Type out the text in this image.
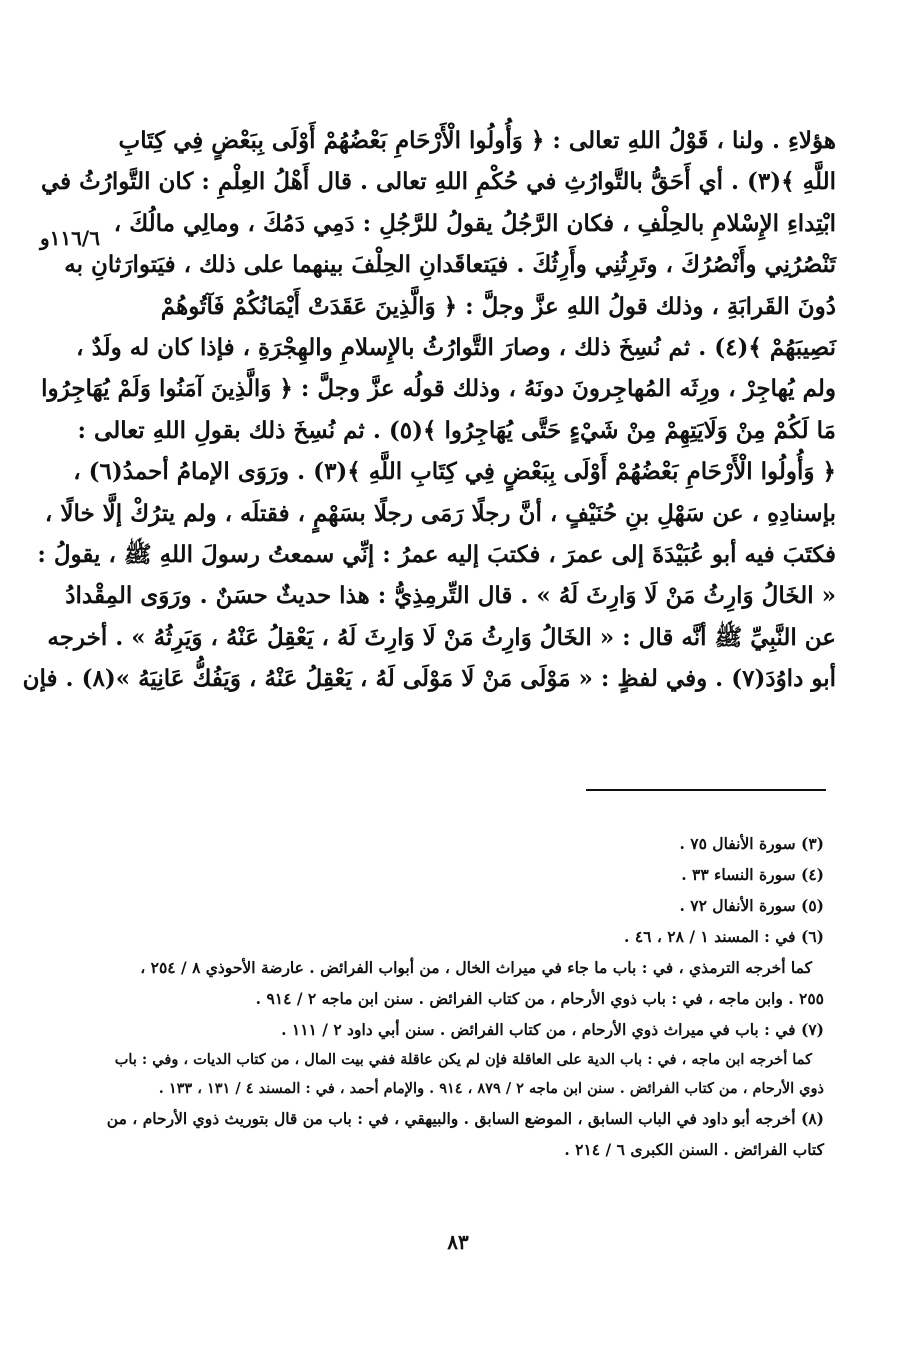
هؤلاءِ . ولنا ، قَوْلُ اللهِ تعالى : ﴿ وَأُولُوا الْأَرْحَامِ بَعْضُهُمْ أَوْلَى بِبَعْضٍ فِي كِتَابِ
اللَّهِ ﴾(٣) . أي أَحَقُّ بالتَّوارُثِ في حُكْمِ اللهِ تعالى . قال أَهْلُ العِلْمِ : كان التَّوارُثُ في
ابْتِداءِ الإِسْلامِ بالحِلْفِ ، فكان الرَّجُلُ يقولُ للرَّجُلِ : دَمِي دَمُكَ ، ومالِي مالُكَ ،
تَنْصُرُنِي وأَنْصُرُكَ ، وتَرِثُنِي وأَرِثُكَ . فيَتعاقَدانِ الحِلْفَ بينهما على ذلك ، فيَتوارَثانِ به
دُونَ القَرابَةِ ، وذلك قولُ اللهِ عزَّ وجلَّ : ﴿ وَالَّذِينَ عَقَدَتْ أَيْمَانُكُمْ فَآتُوهُمْ
نَصِيبَهُمْ ﴾(٤) . ثم نُسِخَ ذلك ، وصارَ التَّوارُثُ بالإِسلامِ والهِجْرَةِ ، فإذا كان له ولَدٌ ،
ولم يُهاجِرْ ، ورِثَه المُهاجِرونَ دونَهُ ، وذلك قولُه عزَّ وجلَّ : ﴿ وَالَّذِينَ آمَنُوا وَلَمْ يُهَاجِرُوا
مَا لَكُمْ مِنْ وَلَايَتِهِمْ مِنْ شَيْءٍ حَتَّى يُهَاجِرُوا ﴾(٥) . ثم نُسِخَ ذلك بقولِ اللهِ تعالى :
﴿ وَأُولُوا الْأَرْحَامِ بَعْضُهُمْ أَوْلَى بِبَعْضٍ فِي كِتَابِ اللَّهِ ﴾(٣) . ورَوَى الإمامُ أحمدُ(٦) ،
بإسنادِهِ ، عن سَهْلِ بنِ حُنَيْفٍ ، أنَّ رجلًا رَمَى رجلًا بسَهْمٍ ، فقتلَه ، ولم يترُكْ إلَّا خالًا ،
فكتَبَ فيه أبو عُبَيْدَةَ إلى عمرَ ، فكتبَ إليه عمرُ : إنِّي سمعتُ رسولَ اللهِ ﷺ ، يقولُ :
« الخَالُ وَارِثُ مَنْ لَا وَارِثَ لَهُ » . قال التِّرمِذِيُّ : هذا حديثٌ حسَنٌ . ورَوَى المِقْدادُ
عن النَّبِيِّ ﷺ أنَّه قال : « الخَالُ وَارِثُ مَنْ لَا وَارِثَ لَهُ ، يَعْقِلُ عَنْهُ ، وَيَرِثُهُ » . أخرجه
أبو داوُدَ(٧) . وفي لفظٍ : « مَوْلَى مَنْ لَا مَوْلَى لَهُ ، يَعْقِلُ عَنْهُ ، وَيَفُكُّ عَانِيَهُ »(٨) . فإن
١١٦/٦و
(٣) سورة الأنفال ٧٥ .
(٤) سورة النساء ٣٣ .
(٥) سورة الأنفال ٧٢ .
(٦) في : المسند ١ / ٢٨ ، ٤٦ .
كما أخرجه الترمذي ، في : باب ما جاء في ميراث الخال ، من أبواب الفرائض . عارضة الأحوذي ٨ / ٢٥٤ ،
٢٥٥ . وابن ماجه ، في : باب ذوي الأرحام ، من كتاب الفرائض . سنن ابن ماجه ٢ / ٩١٤ .
(٧) في : باب في ميراث ذوي الأرحام ، من كتاب الفرائض . سنن أبي داود ٢ / ١١١ .
كما أخرجه ابن ماجه ، في : باب الدية على العاقلة فإن لم يكن عاقلة ففي بيت المال ، من كتاب الديات ، وفي : باب
ذوي الأرحام ، من كتاب الفرائض . سنن ابن ماجه ٢ / ٨٧٩ ، ٩١٤ . والإمام أحمد ، في : المسند ٤ / ١٣١ ، ١٣٣ .
(٨) أخرجه أبو داود في الباب السابق ، الموضع السابق . والبيهقي ، في : باب من قال بتوريث ذوي الأرحام ، من
كتاب الفرائض . السنن الكبرى ٦ / ٢١٤ .
٨٣
